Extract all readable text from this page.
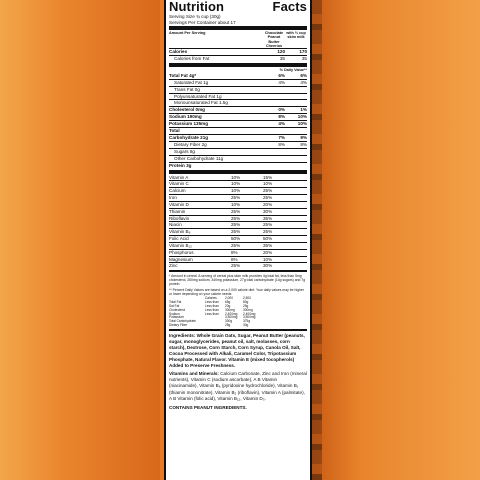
Nutrition	Facts
Serving Size ¾ cup (30g)
Servings Per Container about 17
Amount Per Serving	Chocolate Peanut Butter Cheerios
with ½ cup skim milk
Calories	120	170
Calories from Fat	35	35
% Daily Value**
Total Fat 4g*	6%	6%
Saturated Fat 1g	4%	4%
Trans Fat 0g
Polyunsaturated Fat 1g
Monounsaturated Fat 1.5g
Cholesterol 0mg	0%	1%
Sodium 190mg	8%	10%
Potassium 135mg	4%	10%
Total
Carbohydrate 21g	7%	9%
Dietary Fiber 2g	8%	8%
Sugars 8g
Other Carbohydrate 11g
Protein 3g
Vitamin A	10%	15%
Vitamin C	10%	10%
Calcium	10%	25%
Iron	25%	25%
Vitamin D	10%	20%
Thiamin	25%	30%
Riboflavin	25%	35%
Niacin	25%	25%
Vitamin B₆	25%	25%
Folic Acid	50%	50%
Vitamin B₁₂	25%	35%
Phosphorus	8%	20%
Magnesium	8%	10%
Zinc	25%	30%
* Amount in cereal. A serving of cereal plus skim milk provides 4g total fat, less than 5mg cholesterol, 260mg sodium, 340mg potassium, 27g total carbohydrate (14g sugars) and 7g protein.
** Percent Daily Values are based on a 2,000 calorie diet. Your daily values may be higher or lower depending on your calorie needs:
Calories	2,000	2,500
Total Fat	Less than	65g	80g
Sat Fat	Less than	20g	25g
Cholesterol	Less than	300mg	300mg
Sodium	Less than	2,400mg	2,400mg
Potassium	3,500mg	3,500mg
Total Carbohydrate	300g	375g
Dietary Fiber	25g	30g
Ingredients: Whole Grain Oats, Sugar, Peanut Butter (peanuts, sugar, monoglycerides, peanut oil, salt, molasses, corn starch), Dextrose, Corn Starch, Corn Syrup, Canola Oil, Salt, Cocoa Processed with Alkali, Caramel Color, Tripotassium Phosphate, Natural Flavor. Vitamin E (mixed tocopherols) Added to Preserve Freshness.
Vitamins and Minerals: Calcium Carbonate, Zinc and Iron (mineral nutrients), Vitamin C (sodium ascorbate), A B Vitamin (niacinamide), Vitamin B₆ (pyridoxine hydrochloride), Vitamin B₁ (thiamin mononitrate), Vitamin B₂ (riboflavin), Vitamin A (palmitate), A B Vitamin (folic acid), Vitamin B₁₂, Vitamin D₃.
CONTAINS PEANUT INGREDIENTS.
